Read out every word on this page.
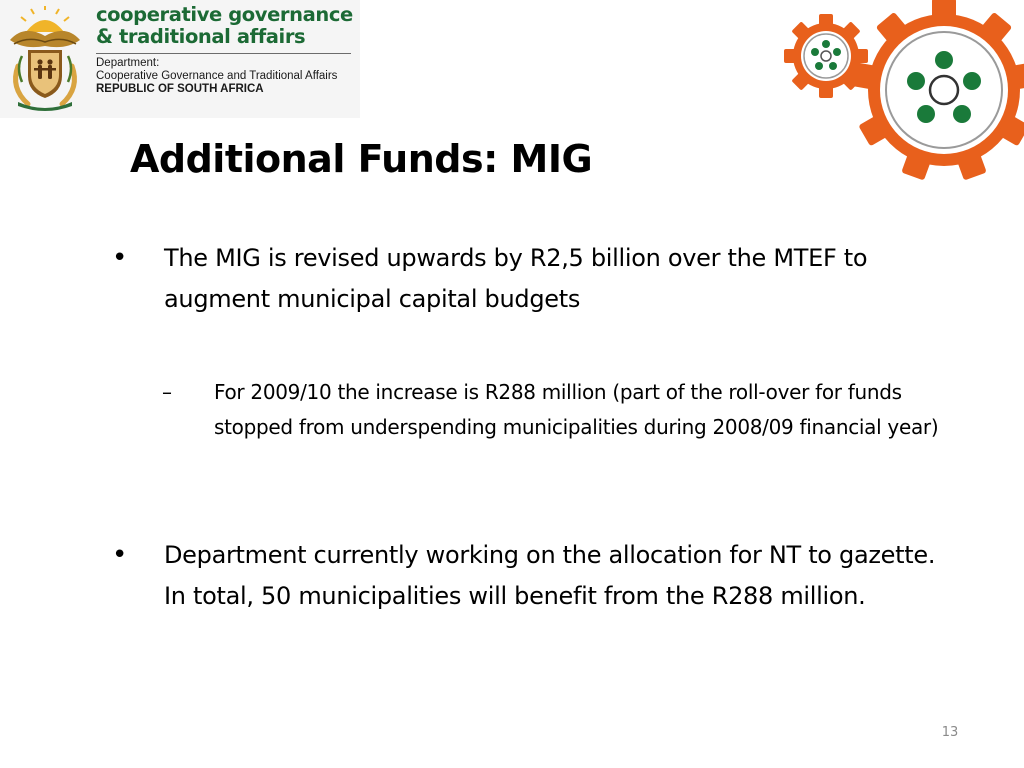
cooperative governance
& traditional affairs
Department:
Cooperative Governance and Traditional Affairs
REPUBLIC OF SOUTH AFRICA
Additional Funds: MIG
• The MIG is revised upwards by R2,5 billion over the MTEF to augment municipal capital budgets
– For 2009/10 the increase is R288 million (part of the roll-over for funds stopped from underspending municipalities during 2008/09 financial year)
• Department currently working on the allocation for NT to gazette. In total, 50 municipalities will benefit from the R288 million.
13
